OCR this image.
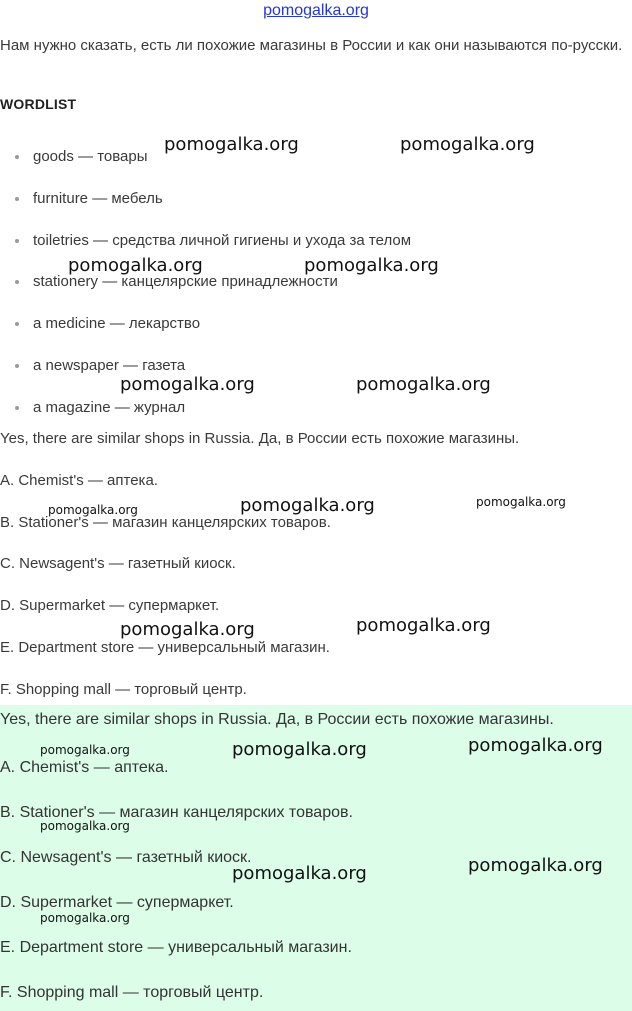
pomogalka.org
Нам нужно сказать, есть ли похожие магазины в России и как они называются по-русски.
WORDLIST
goods — товары
furniture — мебель
toiletries — средства личной гигиены и ухода за телом
stationery — канцелярские принадлежности
a medicine — лекарство
a newspaper — газета
a magazine — журнал
Yes, there are similar shops in Russia. Да, в России есть похожие магазины.
A. Chemist's — аптека.
B. Stationer's — магазин канцелярских товаров.
C. Newsagent's — газетный киоск.
D. Supermarket — супермаркет.
E. Department store — универсальный магазин.
F. Shopping mall — торговый центр.
Yes, there are similar shops in Russia. Да, в России есть похожие магазины.
A. Chemist's — аптека.
B. Stationer's — магазин канцелярских товаров.
C. Newsagent's — газетный киоск.
D. Supermarket — супермаркет.
E. Department store — универсальный магазин.
F. Shopping mall — торговый центр.
pomogalka.org	pomogalka.org
pomogalka.org	pomogalka.org
pomogalka.org	pomogalka.org
pomogalka.org	pomogalka.org	pomogalka.org
pomogalka.org	pomogalka.org
pomogalka.org	pomogalka.org	pomogalka.org
pomogalka.org
pomogalka.org	pomogalka.org
pomogalka.org
